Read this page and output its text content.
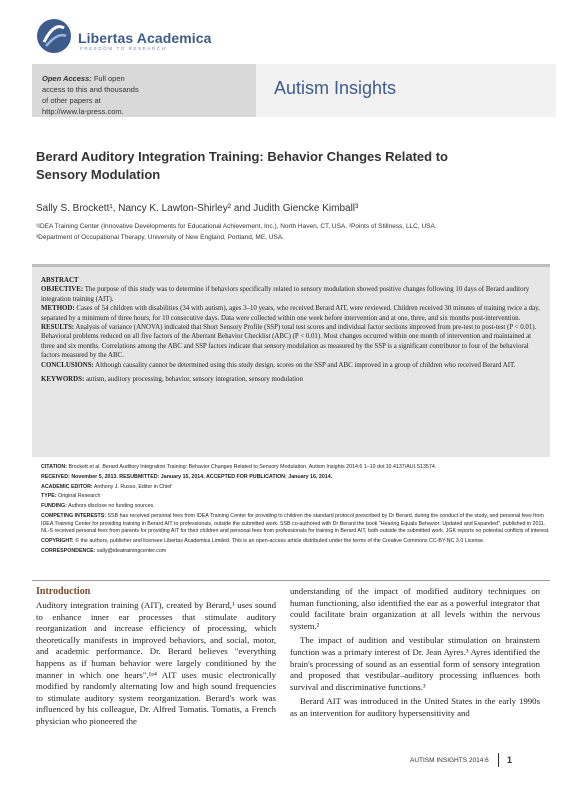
Libertas Academica
FREEDOM TO RESEARCH
Open Access: Full open access to this and thousands of other papers at http://www.la-press.com.
Autism Insights
Berard Auditory Integration Training: Behavior Changes Related to Sensory Modulation
Sally S. Brockett¹, Nancy K. Lawton-Shirley² and Judith Giencke Kimball³
¹IDEA Training Center (Innovative Developments for Educational Achievement, Inc.), North Haven, CT, USA. ²Points of Stillness, LLC, USA.
³Department of Occupational Therapy, University of New England, Portland, ME, USA.

ABSTRACT

OBJECTIVE: The purpose of this study was to determine if behaviors specifically related to sensory modulation showed positive changes following 10 days of Berard auditory integration training (AIT).

METHOD: Cases of 54 children with disabilities (34 with autism), ages 3–10 years, who received Berard AIT, were reviewed. Children received 30 minutes of training twice a day, separated by a minimum of three hours, for 10 consecutive days. Data were collected within one week before intervention and at one, three, and six months post-intervention.

RESULTS: Analysis of variance (ANOVA) indicated that Short Sensory Profile (SSP) total test scores and individual factor sections improved from pre-test to post-test (P < 0.01). Behavioral problems reduced on all five factors of the Aberrant Behavior Checklist (ABC) (P < 0.01). Most changes occurred within one month of intervention and maintained at three and six months. Correlations among the ABC and SSP factors indicate that sensory modulation as measured by the SSP is a significant contributor to four of the behavioral factors measured by the ABC.

CONCLUSIONS: Although causality cannot be determined using this study design, scores on the SSP and ABC improved in a group of children who received Berard AIT.

KEYWORDS: autism, auditory processing, behavior, sensory integration, sensory modulation

CITATION: Brockett et al. Berard Auditory Integration Training: Behavior Changes Related to Sensory Modulation. Autism Insights 2014:6 1–10 doi:10.4137/AUI.S13574.

RECEIVED: November 5, 2013. RESUBMITTED: January 15, 2014. ACCEPTED FOR PUBLICATION: January 16, 2014.

ACADEMIC EDITOR: Anthony J. Russo, Editor in Chief

TYPE: Original Research

FUNDING: Authors disclose no funding sources.

COMPETING INTERESTS: SSB has received personal fees from IDEA Training Center for providing to children the standard protocol prescribed by Dr Berard, during the conduct of the study, and personal fees from IDEA Training Center for providing training in Berard AIT to professionals, outside the submitted work. SSB co-authored with Dr Berard the book "Hearing Equals Behavior: Updated and Expanded", published in 2011. NL-S received personal fees from parents for providing AIT for their children and personal fees from professionals for training in Berard AIT, both outside the submitted work. JGK reports no potential conflicts of interest.

COPYRIGHT: © the authors, publisher and licensee Libertas Academica Limited. This is an open-access article distributed under the terms of the Creative Commons CC-BY-NC 3.0 License.

CORRESPONDENCE: sally@ideatrainingcenter.com

Introduction
Auditory integration training (AIT), created by Berard,¹ uses sound to enhance inner ear processes that stimulate auditory reorganization and increase efficiency of processing, which theoretically manifests in improved behaviors, and social, motor, and academic performance. Dr. Berard believes "everything happens as if human behavior were largely conditioned by the manner in which one hears".¹ᵖ⁴ AIT uses music electronically modified by randomly alternating low and high sound frequencies to stimulate auditory system reorganization. Berard's work was influenced by his colleague, Dr. Alfred Tomatis. Tomatis, a French physician who pioneered the

understanding of the impact of modified auditory techniques on human functioning, also identified the ear as a powerful integrator that could facilitate brain organization at all levels within the nervous system.²

The impact of audition and vestibular stimulation on brainstem function was a primary interest of Dr. Jean Ayres.³ Ayres identified the brain's processing of sound as an essential form of sensory integration and proposed that vestibular–auditory processing influences both survival and discriminative functions.³

Berard AIT was introduced in the United States in the early 1990s as an intervention for auditory hypersensitivity and

AUTISM INSIGHTS 2014:6 1
